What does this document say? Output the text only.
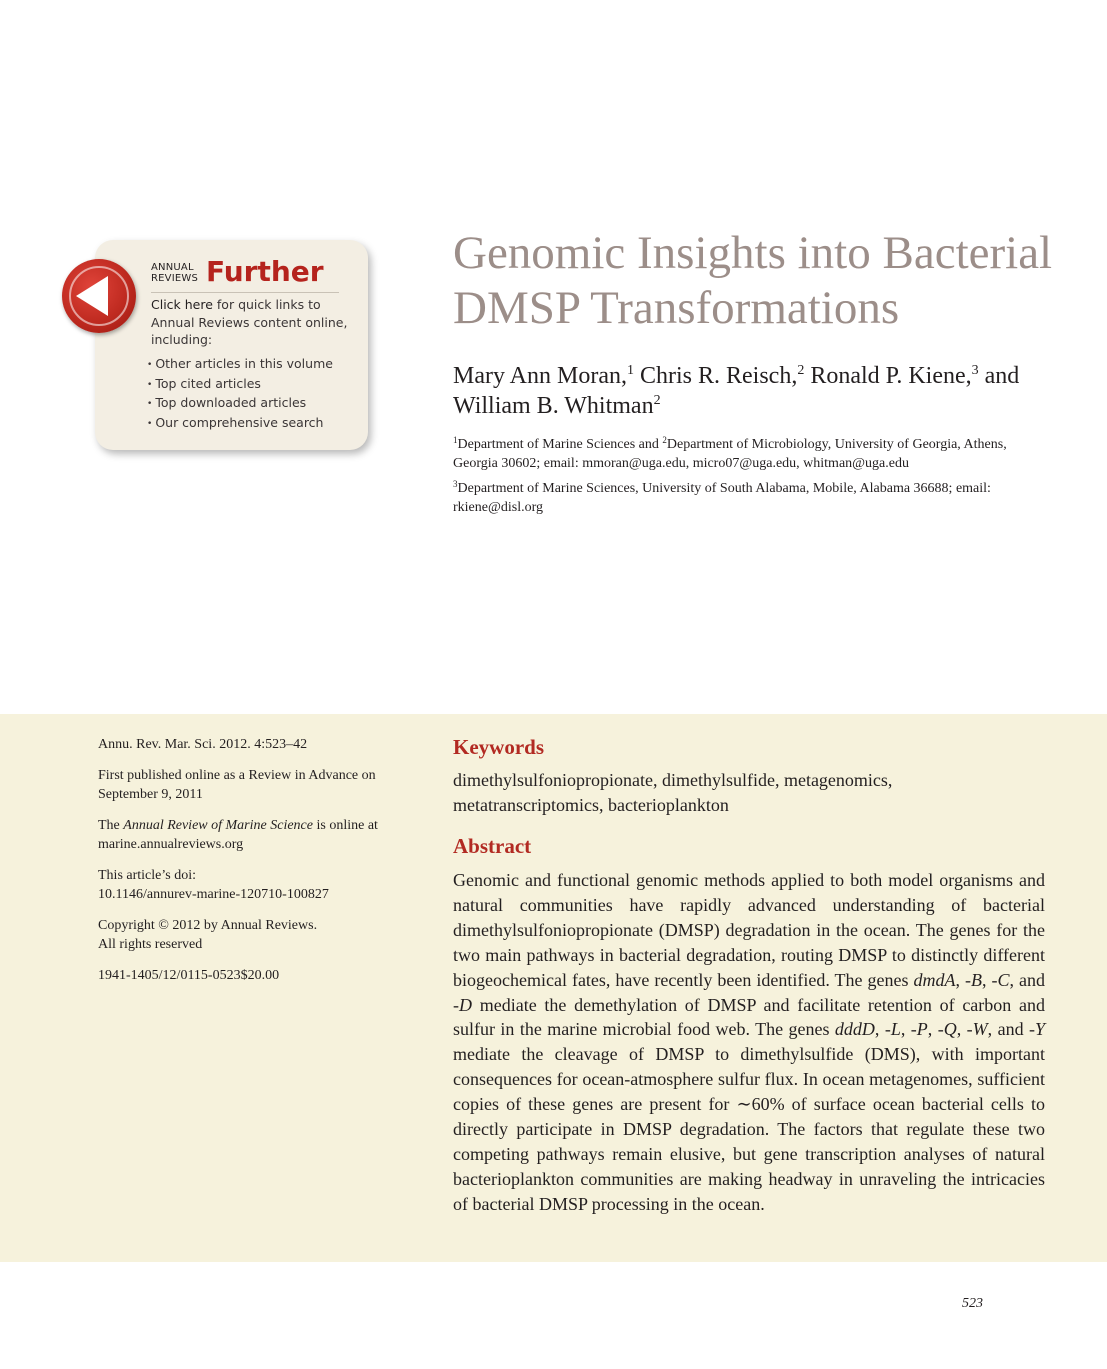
ANNUAL
REVIEWS Further
Click here for quick links to Annual Reviews content online, including:
• Other articles in this volume
• Top cited articles
• Top downloaded articles
• Our comprehensive search
Genomic Insights into Bacterial DMSP Transformations

Mary Ann Moran,$^1$ Chris R. Reisch,$^2$ Ronald P. Kiene,$^3$ and William B. Whitman$^2$

$^1$Department of Marine Sciences and $^2$Department of Microbiology, University of Georgia, Athens, Georgia 30602; email: mmoran@uga.edu, micro07@uga.edu, whitman@uga.edu

$^3$Department of Marine Sciences, University of South Alabama, Mobile, Alabama 36688; email: rkiene@disl.org

Annu. Rev. Mar. Sci. 2012. 4:523–42
First published online as a Review in Advance on September 9, 2011
The Annual Review of Marine Science is online at marine.annualreviews.org
This article’s doi:
10.1146/annurev-marine-120710-100827
Copyright © 2012 by Annual Reviews.
All rights reserved
1941-1405/12/0115-0523$20.00
Keywords
dimethylsulfoniopropionate, dimethylsulfide, metagenomics, metatranscriptomics, bacterioplankton
Abstract
Genomic and functional genomic methods applied to both model organisms and natural communities have rapidly advanced understanding of bacterial dimethylsulfoniopropionate (DMSP) degradation in the ocean. The genes for the two main pathways in bacterial degradation, routing DMSP to distinctly different biogeochemical fates, have recently been identified. The genes dmdA, -B, -C, and -D mediate the demethylation of DMSP and facilitate retention of carbon and sulfur in the marine microbial food web. The genes dddD, -L, -P, -Q, -W, and -Y mediate the cleavage of DMSP to dimethylsulfide (DMS), with important consequences for ocean-atmosphere sulfur flux. In ocean metagenomes, sufficient copies of these genes are present for ∼60% of surface ocean bacterial cells to directly participate in DMSP degradation. The factors that regulate these two competing pathways remain elusive, but gene transcription analyses of natural bacterioplankton communities are making headway in unraveling the intricacies of bacterial DMSP processing in the ocean.
523
